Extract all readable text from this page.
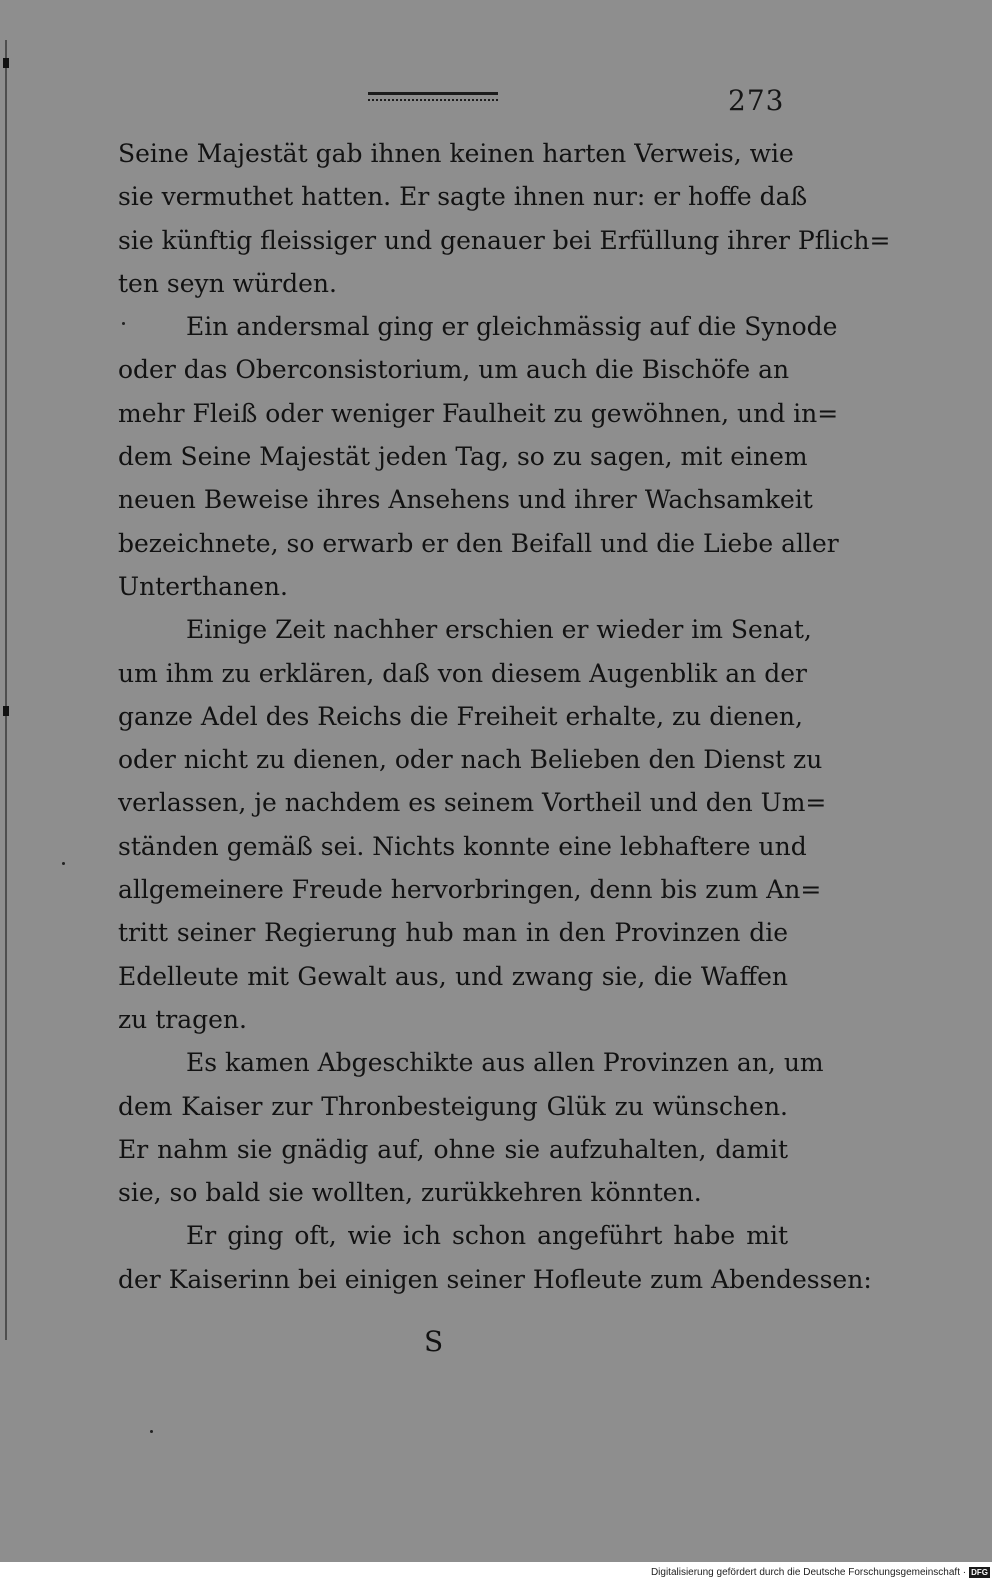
273
Seine Majestät gab ihnen keinen harten Verweis, wie
sie vermuthet hatten. Er sagte ihnen nur: er hoffe daß
sie künftig fleissiger und genauer bei Erfüllung ihrer Pflich=
ten seyn würden.
Ein andersmal ging er gleichmässig auf die Synode
oder das Oberconsistorium, um auch die Bischöfe an
mehr Fleiß oder weniger Faulheit zu gewöhnen, und in=
dem Seine Majestät jeden Tag, so zu sagen, mit einem
neuen Beweise ihres Ansehens und ihrer Wachsamkeit
bezeichnete, so erwarb er den Beifall und die Liebe aller
Unterthanen.
Einige Zeit nachher erschien er wieder im Senat,
um ihm zu erklären, daß von diesem Augenblik an der
ganze Adel des Reichs die Freiheit erhalte, zu dienen,
oder nicht zu dienen, oder nach Belieben den Dienst zu
verlassen, je nachdem es seinem Vortheil und den Um=
ständen gemäß sei. Nichts konnte eine lebhaftere und
allgemeinere Freude hervorbringen, denn bis zum An=
tritt seiner Regierung hub man in den Provinzen die
Edelleute mit Gewalt aus, und zwang sie, die Waffen
zu tragen.
Es kamen Abgeschikte aus allen Provinzen an, um
dem Kaiser zur Thronbesteigung Glük zu wünschen.
Er nahm sie gnädig auf, ohne sie aufzuhalten, damit
sie, so bald sie wollten, zurükkehren könnten.
Er ging oft, wie ich schon angeführt habe mit
der Kaiserinn bei einigen seiner Hofleute zum Abendessen:
S
Digitalisierung gefördert durch die Deutsche Forschungsgemeinschaft · DFG
